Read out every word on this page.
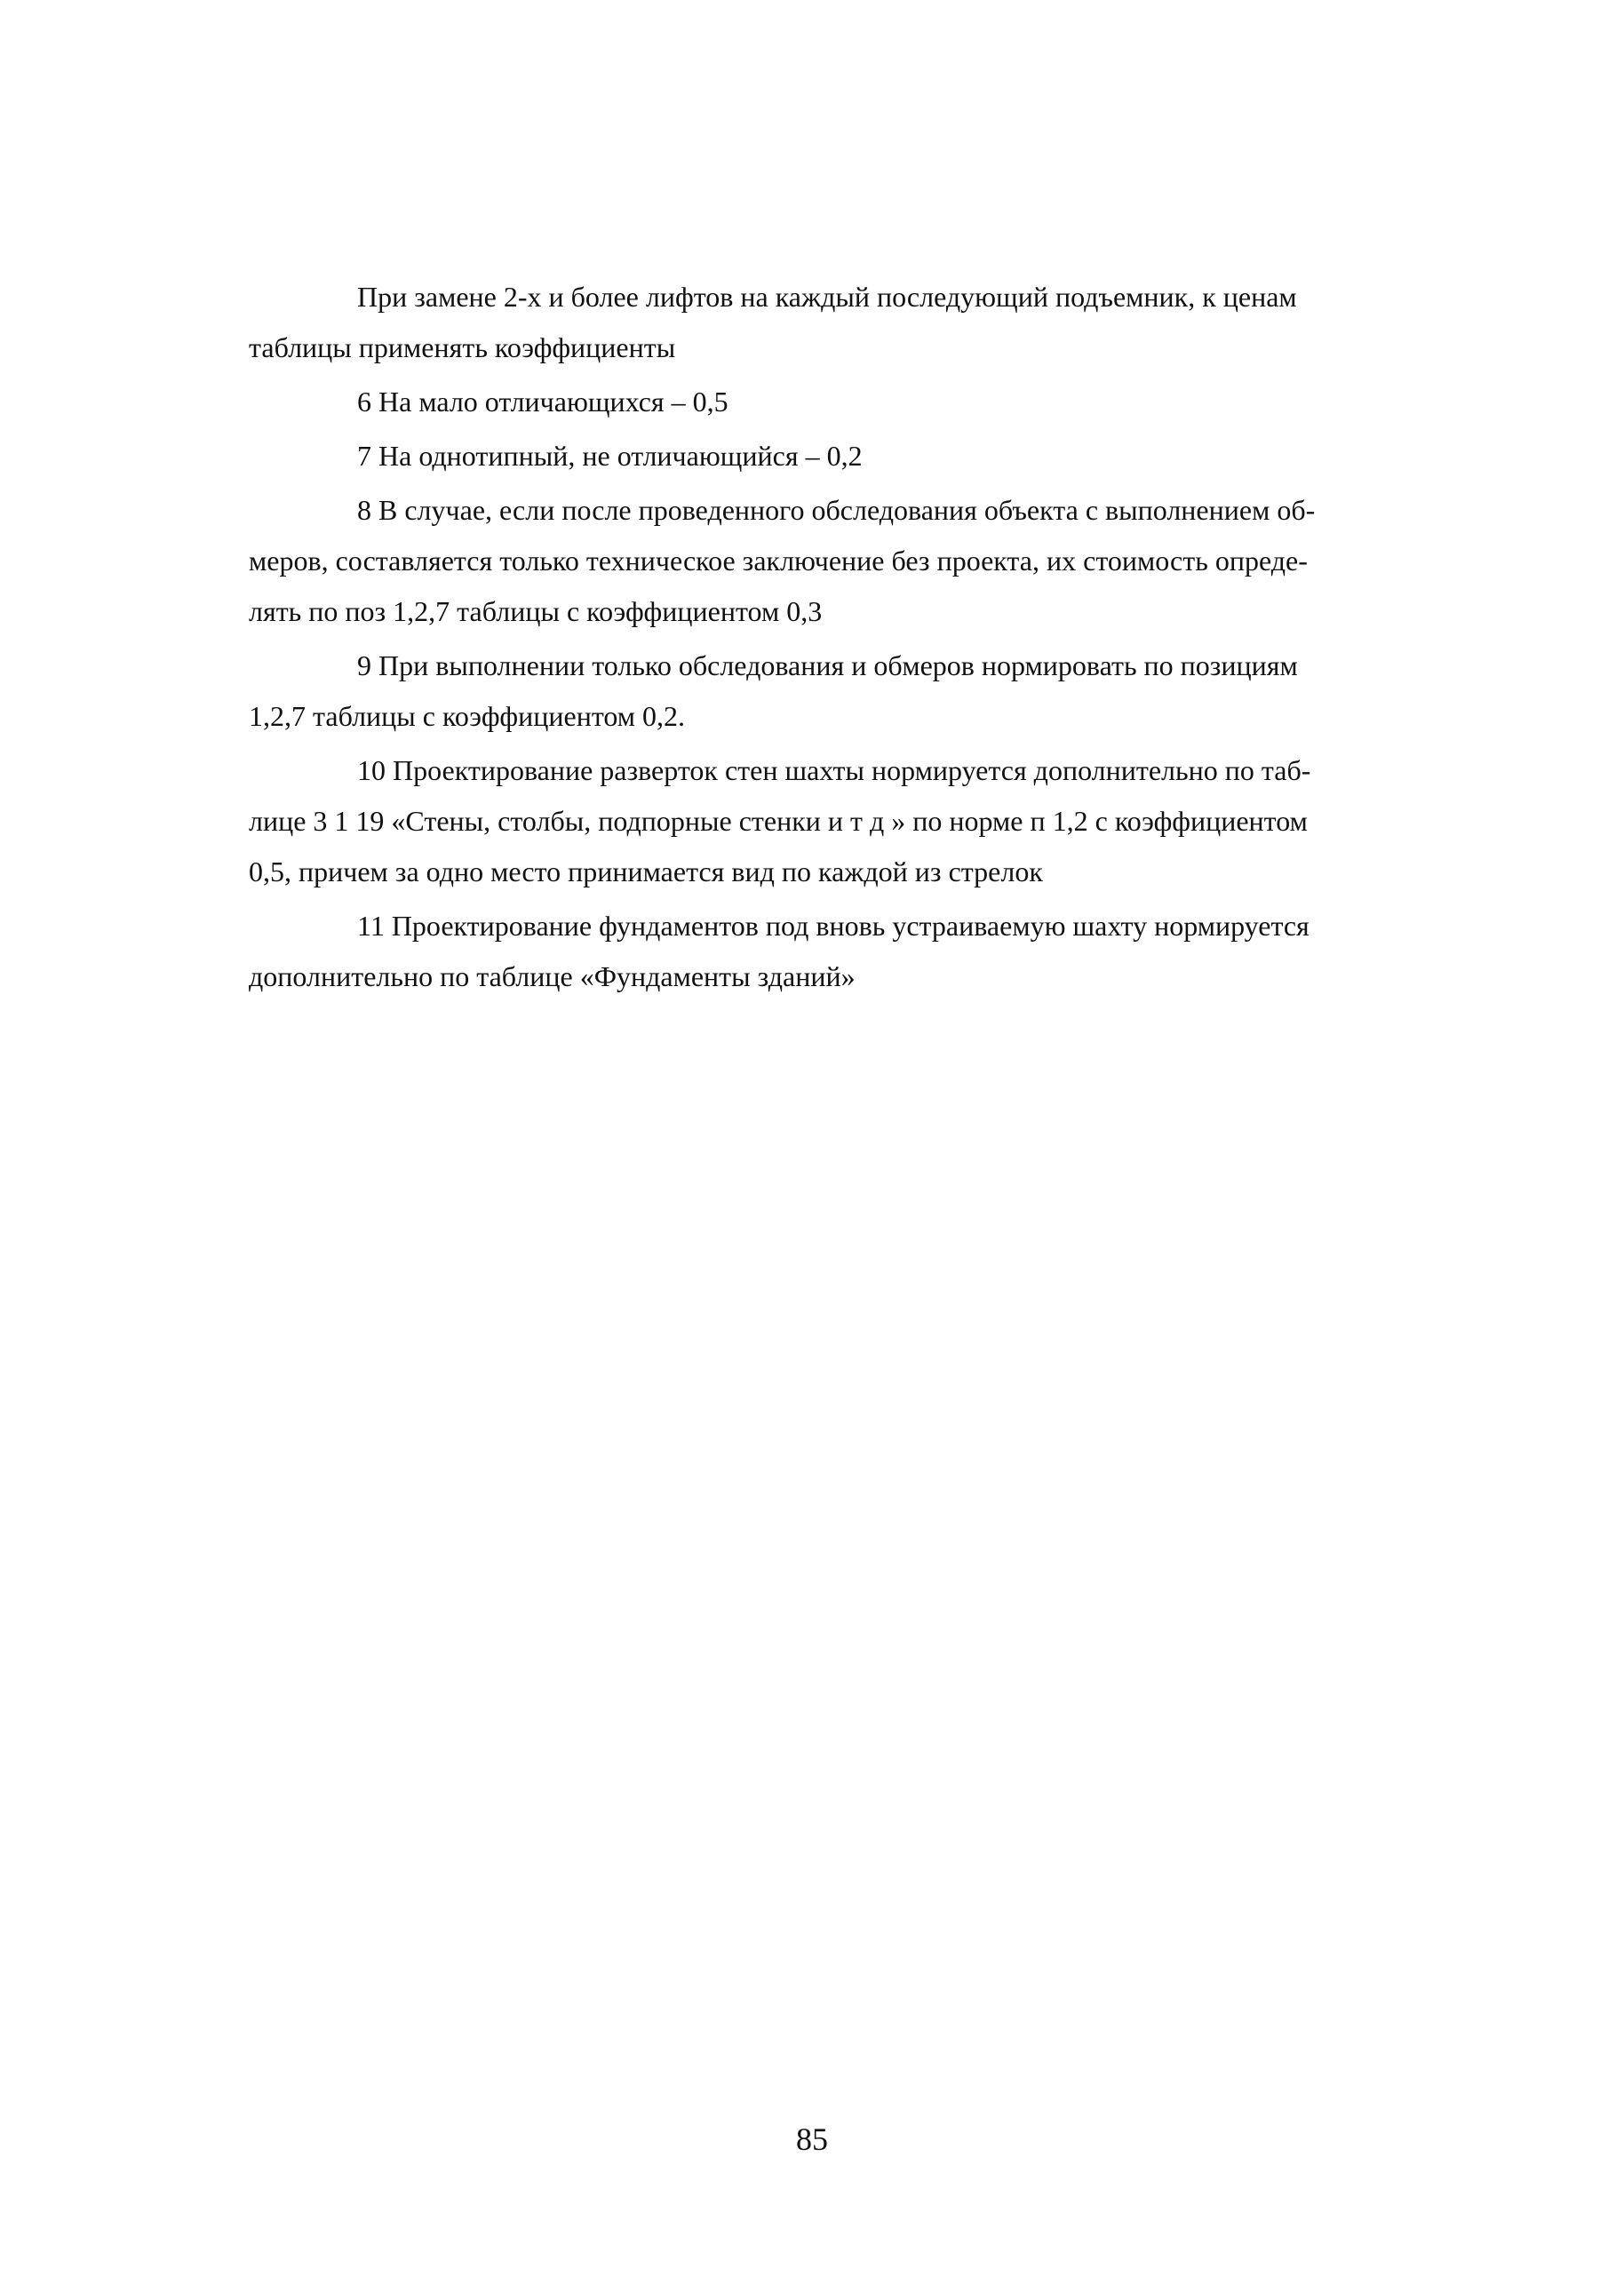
При замене 2-х и более лифтов на каждый последующий подъемник, к ценам
таблицы применять коэффициенты

6 На мало отличающихся – 0,5

7 На однотипный, не отличающийся – 0,2

8 В случае, если после проведенного обследования объекта с выполнением об-
меров, составляется только техническое заключение без проекта, их стоимость опреде-
лять по поз 1,2,7 таблицы с коэффициентом 0,3

9 При выполнении только обследования и обмеров нормировать по позициям
1,2,7 таблицы с коэффициентом 0,2.

10 Проектирование разверток стен шахты нормируется дополнительно по таб-
лице 3 1 19 «Стены, столбы, подпорные стенки и т д » по норме п 1,2 с коэффициентом
0,5, причем за одно место принимается вид по каждой из стрелок

11 Проектирование фундаментов под вновь устраиваемую шахту нормируется
дополнительно по таблице «Фундаменты зданий»

85
